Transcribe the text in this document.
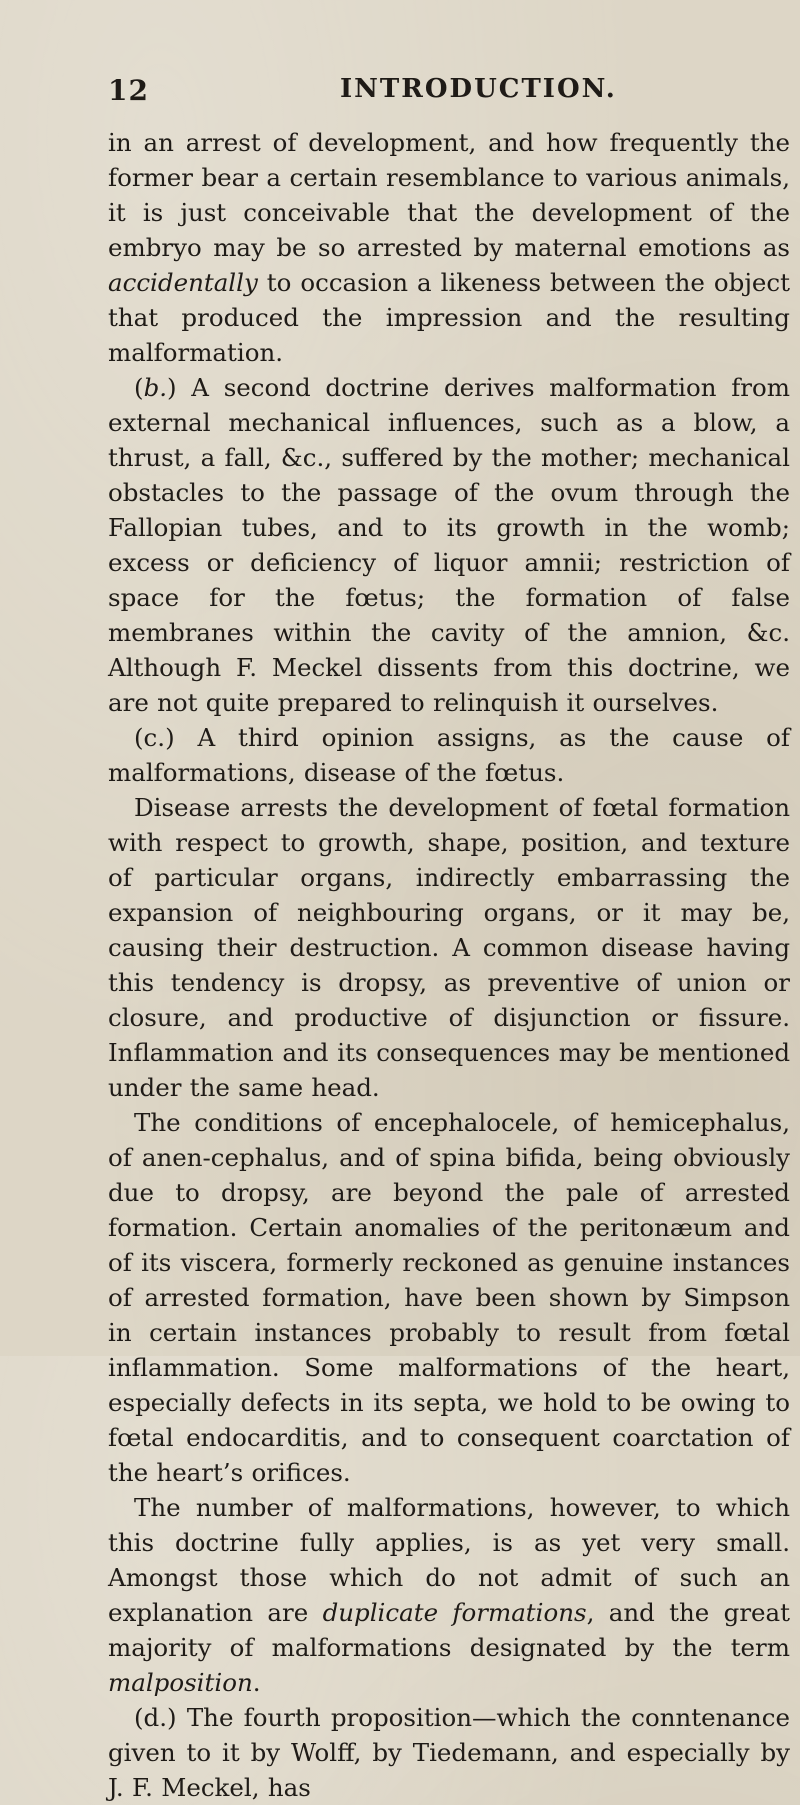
12	INTRODUCTION.

in an arrest of development, and how frequently the former bear a certain resemblance to various animals, it is just conceivable that the development of the embryo may be so arrested by maternal emotions as accidentally to occasion a likeness between the object that produced the impression and the resulting malformation.

(b.) A second doctrine derives malformation from external mechanical influences, such as a blow, a thrust, a fall, &c., suffered by the mother; mechanical obstacles to the passage of the ovum through the Fallopian tubes, and to its growth in the womb; excess or deficiency of liquor amnii; restriction of space for the fœtus; the formation of false membranes within the cavity of the amnion, &c. Although F. Meckel dissents from this doctrine, we are not quite prepared to relinquish it ourselves.

(c.) A third opinion assigns, as the cause of malformations, disease of the fœtus.

Disease arrests the development of fœtal formation with respect to growth, shape, position, and texture of particular organs, indirectly embarrassing the expansion of neighbouring organs, or it may be, causing their destruction. A common disease having this tendency is dropsy, as preventive of union or closure, and productive of disjunction or fissure. Inflammation and its consequences may be mentioned under the same head.

The conditions of encephalocele, of hemicephalus, of anen-cephalus, and of spina bifida, being obviously due to dropsy, are beyond the pale of arrested formation. Certain anomalies of the peritonæum and of its viscera, formerly reckoned as genuine instances of arrested formation, have been shown by Simpson in certain instances probably to result from fœtal inflammation. Some malformations of the heart, especially defects in its septa, we hold to be owing to fœtal endocarditis, and to consequent coarctation of the heart’s orifices.

The number of malformations, however, to which this doctrine fully applies, is as yet very small. Amongst those which do not admit of such an explanation are duplicate formations, and the great majority of malformations designated by the term malposition.

(d.) The fourth proposition—which the conntenance given to it by Wolff, by Tiedemann, and especially by J. F. Meckel, has
